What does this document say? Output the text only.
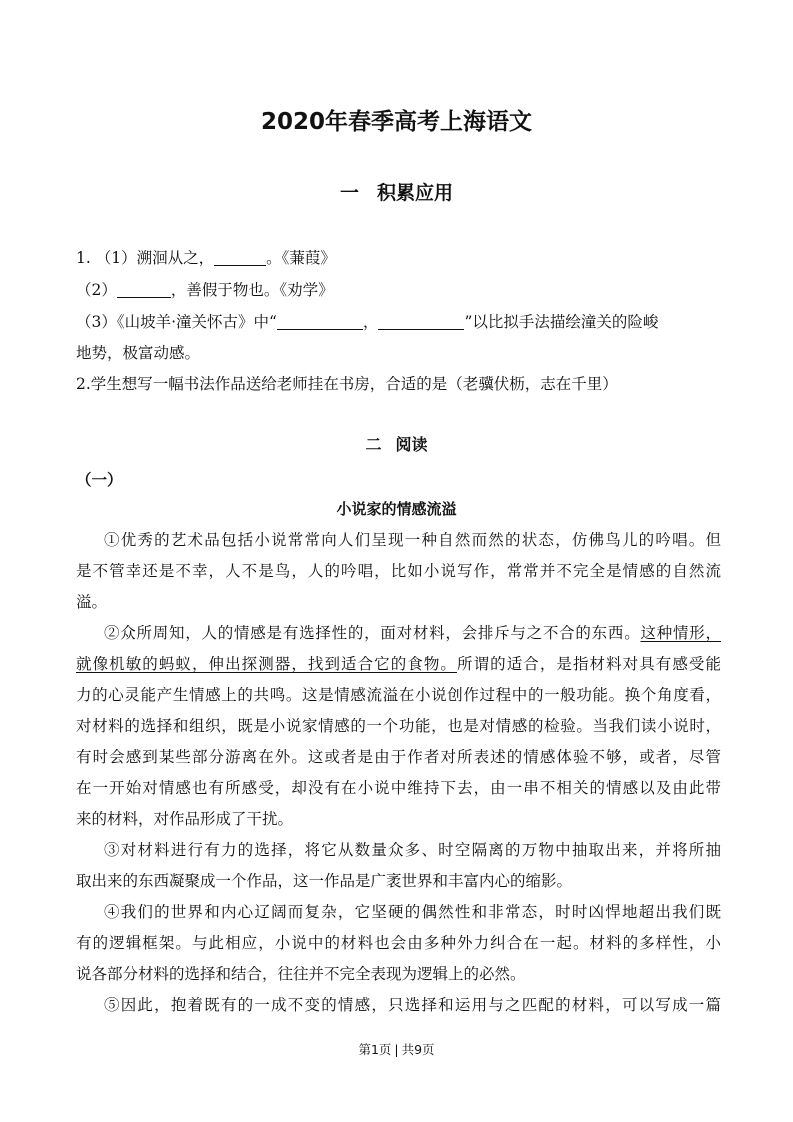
2020年春季高考上海语文
一 积累应用
1. （1）溯洄从之，	。《蒹葭》
（2）	，善假于物也。《劝学》
（3）《山坡羊·潼关怀古》中“	，	”以比拟手法描绘潼关的险峻
地势，极富动感。
2.学生想写一幅书法作品送给老师挂在书房，合适的是（老骥伏枥，志在千里）
二 阅读
（一）
小说家的情感流溢
①优秀的艺术品包括小说常常向人们呈现一种自然而然的状态，仿佛鸟儿的吟唱。但
是不管幸还是不幸，人不是鸟，人的吟唱，比如小说写作，常常并不完全是情感的自然流
溢。
②众所周知，人的情感是有选择性的，面对材料，会排斥与之不合的东西。这种情形，
就像机敏的蚂蚁，伸出探测器，找到适合它的食物。所谓的适合，是指材料对具有感受能
力的心灵能产生情感上的共鸣。这是情感流溢在小说创作过程中的一般功能。换个角度看，
对材料的选择和组织，既是小说家情感的一个功能，也是对情感的检验。当我们读小说时，
有时会感到某些部分游离在外。这或者是由于作者对所表述的情感体验不够，或者，尽管
在一开始对情感也有所感受，却没有在小说中维持下去，由一串不相关的情感以及由此带
来的材料，对作品形成了干扰。
③对材料进行有力的选择，将它从数量众多、时空隔离的万物中抽取出来，并将所抽
取出来的东西凝聚成一个作品，这一作品是广袤世界和丰富内心的缩影。
④我们的世界和内心辽阔而复杂，它坚硬的偶然性和非常态，时时凶悍地超出我们既
有的逻辑框架。与此相应，小说中的材料也会由多种外力纠合在一起。材料的多样性，小
说各部分材料的选择和结合，往往并不完全表现为逻辑上的必然。
⑤因此，抱着既有的一成不变的情感，只选择和运用与之匹配的材料，可以写成一篇
第1页 | 共9页
